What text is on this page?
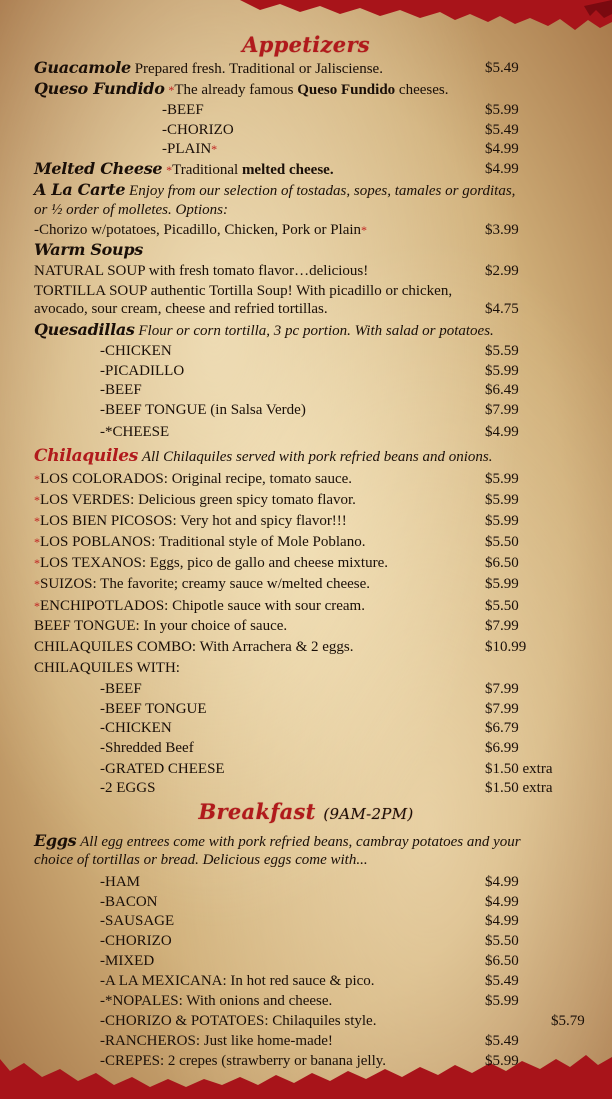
Appetizers
Guacamole Prepared fresh. Traditional or Jalisciense.	$5.49
Queso Fundido *The already famous Queso Fundido cheeses.
-BEEF	$5.99
-CHORIZO	$5.49
-PLAIN*	$4.99
Melted Cheese *Traditional melted cheese.	$4.99
A La Carte Enjoy from our selection of tostadas, sopes, tamales or gorditas,
or ½ order of molletes. Options:
-Chorizo w/potatoes, Picadillo, Chicken, Pork or Plain*	$3.99
Warm Soups
NATURAL SOUP with fresh tomato flavor…delicious!	$2.99
TORTILLA SOUP authentic Tortilla Soup! With picadillo or chicken,
avocado, sour cream, cheese and refried tortillas.	$4.75
Quesadillas Flour or corn tortilla, 3 pc portion. With salad or potatoes.
-CHICKEN	$5.59
-PICADILLO	$5.99
-BEEF	$6.49
-BEEF TONGUE (in Salsa Verde)	$7.99
-*CHEESE	$4.99
Chilaquiles All Chilaquiles served with pork refried beans and onions.
*LOS COLORADOS: Original recipe, tomato sauce.	$5.99
*LOS VERDES: Delicious green spicy tomato flavor.	$5.99
*LOS BIEN PICOSOS: Very hot and spicy flavor!!!	$5.99
*LOS POBLANOS: Traditional style of Mole Poblano.	$5.50
*LOS TEXANOS: Eggs, pico de gallo and cheese mixture.	$6.50
*SUIZOS: The favorite; creamy sauce w/melted cheese.	$5.99
*ENCHIPOTLADOS: Chipotle sauce with sour cream.	$5.50
BEEF TONGUE: In your choice of sauce.	$7.99
CHILAQUILES COMBO: With Arrachera & 2 eggs.	$10.99
CHILAQUILES WITH:
-BEEF	$7.99
-BEEF TONGUE	$7.99
-CHICKEN	$6.79
-Shredded Beef	$6.99
-GRATED CHEESE	$1.50 extra
-2 EGGS	$1.50 extra
Breakfast (9AM-2PM)
Eggs All egg entrees come with pork refried beans, cambray potatoes and your
choice of tortillas or bread. Delicious eggs come with...
-HAM	$4.99
-BACON	$4.99
-SAUSAGE	$4.99
-CHORIZO	$5.50
-MIXED	$6.50
-A LA MEXICANA: In hot red sauce & pico.	$5.49
-*NOPALES: With onions and cheese.	$5.99
-CHORIZO & POTATOES: Chilaquiles style.	$5.79
-RANCHEROS: Just like home-made!	$5.49
-CREPES: 2 crepes (strawberry or banana jelly.	$5.99
